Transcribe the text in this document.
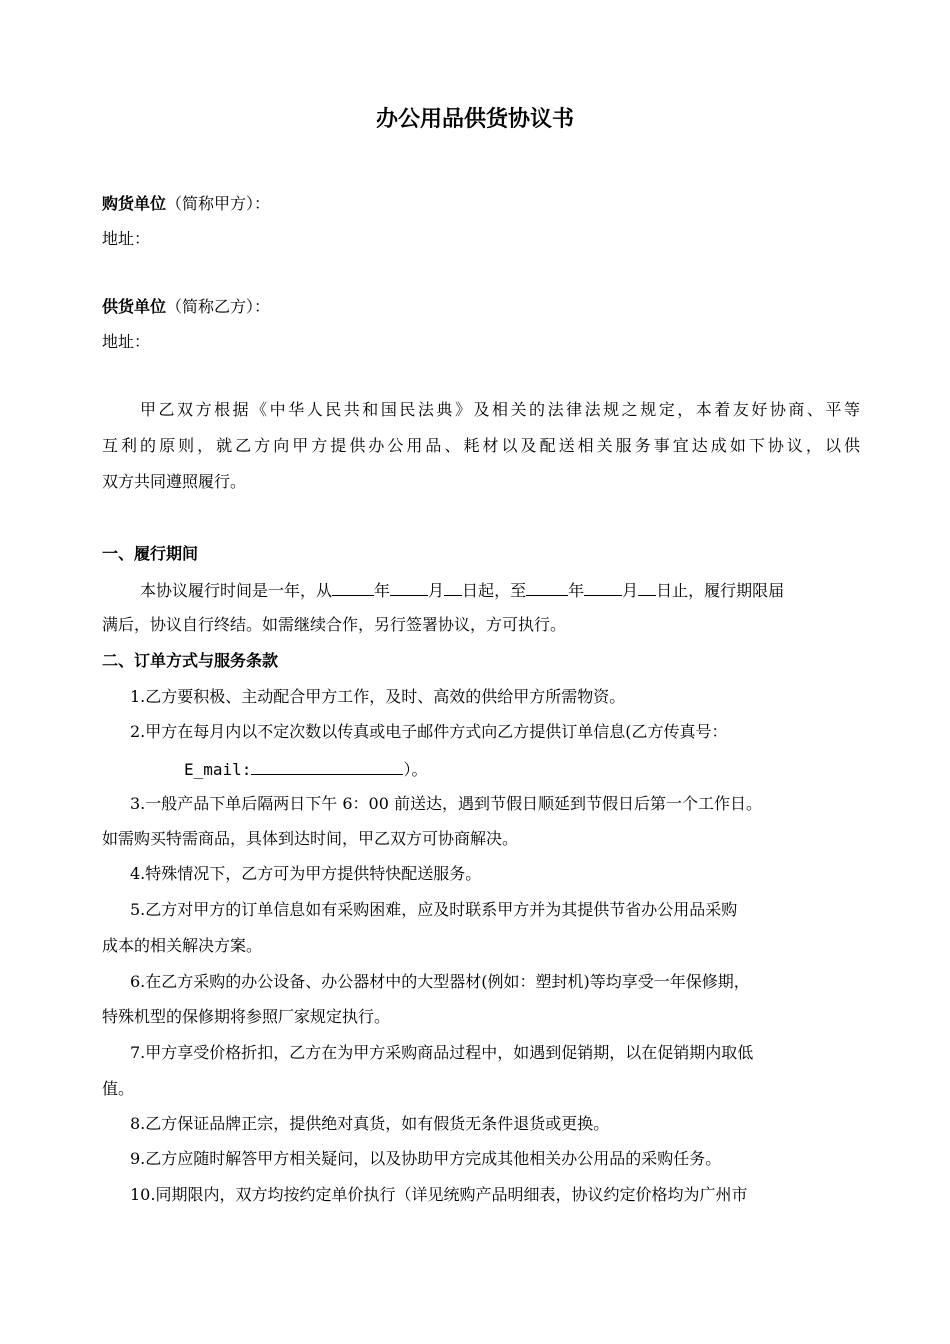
办公用品供货协议书
购货单位（简称甲方）：
地址：
供货单位（简称乙方）：
地址：
甲乙双方根据《中华人民共和国民法典》及相关的法律法规之规定，本着友好协商、平等
互利的原则，就乙方向甲方提供办公用品、耗材以及配送相关服务事宜达成如下协议，以供
双方共同遵照履行。
一、履行期间
本协议履行时间是一年，从	年 月 日起，至	年 月 日止，履行期限届
满后，协议自行终结。如需继续合作，另行签署协议，方可执行。
二、订单方式与服务条款
1.乙方要积极、主动配合甲方工作，及时、高效的供给甲方所需物资。
2.甲方在每月内以不定次数以传真或电子邮件方式向乙方提供订单信息(乙方传真号：
E_mail:	）。
3.一般产品下单后隔两日下午 6：00 前送达，遇到节假日顺延到节假日后第一个工作日。
如需购买特需商品，具体到达时间，甲乙双方可协商解决。
4.特殊情况下，乙方可为甲方提供特快配送服务。
5.乙方对甲方的订单信息如有采购困难，应及时联系甲方并为其提供节省办公用品采购
成本的相关解决方案。
6.在乙方采购的办公设备、办公器材中的大型器材(例如：塑封机)等均享受一年保修期，
特殊机型的保修期将参照厂家规定执行。
7.甲方享受价格折扣，乙方在为甲方采购商品过程中，如遇到促销期，以在促销期内取低
值。
8.乙方保证品牌正宗，提供绝对真货，如有假货无条件退货或更换。
9.乙方应随时解答甲方相关疑问，以及协助甲方完成其他相关办公用品的采购任务。
10.同期限内，双方均按约定单价执行（详见统购产品明细表，协议约定价格均为广州市
